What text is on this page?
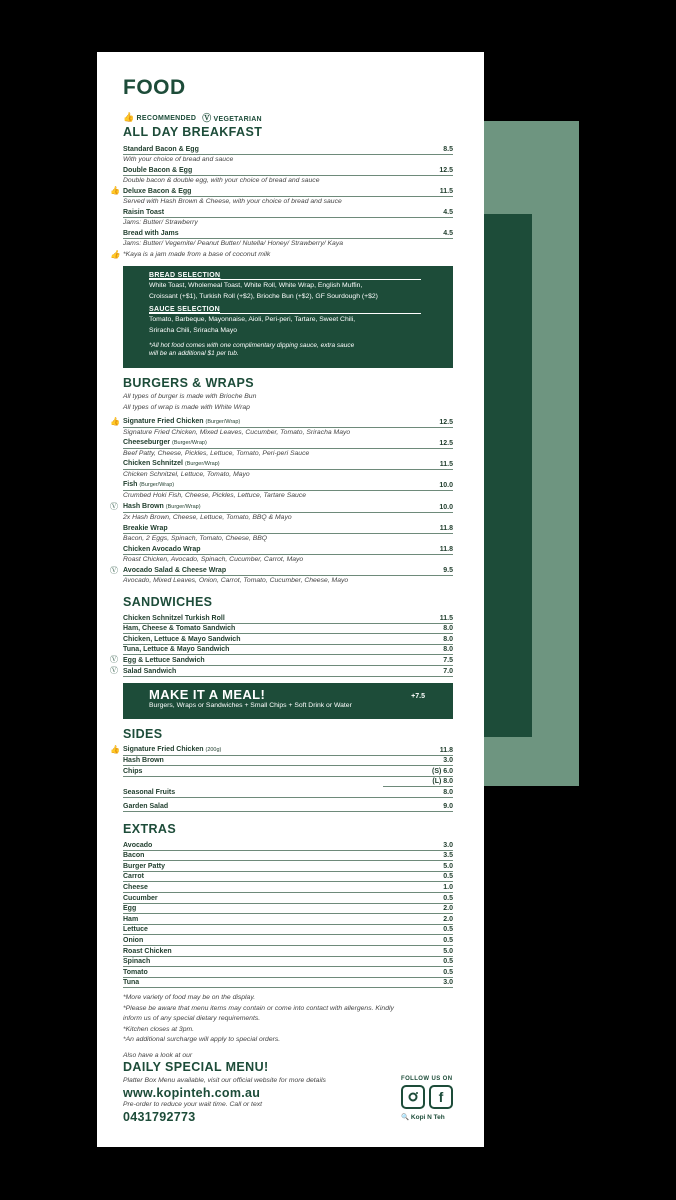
FOOD
👍 RECOMMENDED Ⓥ VEGETARIAN
ALL DAY BREAKFAST
Standard Bacon & Egg	8.5
With your choice of bread and sauce
Double Bacon & Egg	12.5
Double bacon & double egg, with your choice of bread and sauce
👍 Deluxe Bacon & Egg	11.5
Served with Hash Brown & Cheese, with your choice of bread and sauce
Raisin Toast	4.5
Jams: Butter/ Strawberry
Bread with Jams	4.5
Jams: Butter/ Vegemite/ Peanut Butter/ Nutella/ Honey/ Strawberry/ Kaya
👍 *Kaya is a jam made from a base of coconut milk
BREAD SELECTION
White Toast, Wholemeal Toast, White Roll, White Wrap, English Muffin,
Croissant (+$1), Turkish Roll (+$2), Brioche Bun (+$2), GF Sourdough (+$2)
SAUCE SELECTION
Tomato, Barbeque, Mayonnaise, Aioli, Peri-peri, Tartare, Sweet Chili,
Sriracha Chili, Sriracha Mayo
*All hot food comes with one complimentary dipping sauce, extra sauce
will be an additional $1 per tub.
BURGERS & WRAPS
All types of burger is made with Brioche Bun
All types of wrap is made with White Wrap
👍 Signature Fried Chicken (Burger/Wrap)	12.5
Signature Fried Chicken, Mixed Leaves, Cucumber, Tomato, Sriracha Mayo
Cheeseburger (Burger/Wrap)	12.5
Beef Patty, Cheese, Pickles, Lettuce, Tomato, Peri-peri Sauce
Chicken Schnitzel (Burger/Wrap)	11.5
Chicken Schnitzel, Lettuce, Tomato, Mayo
Fish (Burger/Wrap)	10.0
Crumbed Hoki Fish, Cheese, Pickles, Lettuce, Tartare Sauce
Ⓥ Hash Brown (Burger/Wrap)	10.0
2x Hash Brown, Cheese, Lettuce, Tomato, BBQ & Mayo
Breakie Wrap	11.8
Bacon, 2 Eggs, Spinach, Tomato, Cheese, BBQ
Chicken Avocado Wrap	11.8
Roast Chicken, Avocado, Spinach, Cucumber, Carrot, Mayo
Ⓥ Avocado Salad & Cheese Wrap	9.5
Avocado, Mixed Leaves, Onion, Carrot, Tomato, Cucumber, Cheese, Mayo
SANDWICHES
Chicken Schnitzel Turkish Roll	11.5
Ham, Cheese & Tomato Sandwich	8.0
Chicken, Lettuce & Mayo Sandwich	8.0
Tuna, Lettuce & Mayo Sandwich	8.0
Ⓥ Egg & Lettuce Sandwich	7.5
Ⓥ Salad Sandwich	7.0
MAKE IT A MEAL!
Burgers, Wraps or Sandwiches + Small Chips + Soft Drink or Water
+7.5
SIDES
👍 Signature Fried Chicken (200g)	11.8
Hash Brown	3.0
Chips	(S) 6.0
(L) 8.0
Seasonal Fruits	8.0
Garden Salad	9.0
EXTRAS
Avocado	3.0
Bacon	3.5
Burger Patty	5.0
Carrot	0.5
Cheese	1.0
Cucumber	0.5
Egg	2.0
Ham	2.0
Lettuce	0.5
Onion	0.5
Roast Chicken	5.0
Spinach	0.5
Tomato	0.5
Tuna	3.0
*More variety of food may be on the display.
*Please be aware that menu items may contain or come into contact with allergens. Kindly
inform us of any special dietary requirements.
*Kitchen closes at 3pm.
*An additional surcharge will apply to special orders.
Also have a look at our
DAILY SPECIAL MENU!
Platter Box Menu available, visit our official website for more details
www.kopinteh.com.au
Pre-order to reduce your wait time. Call or text
0431792773
FOLLOW US ON
f
🔍 Kopi N Teh
